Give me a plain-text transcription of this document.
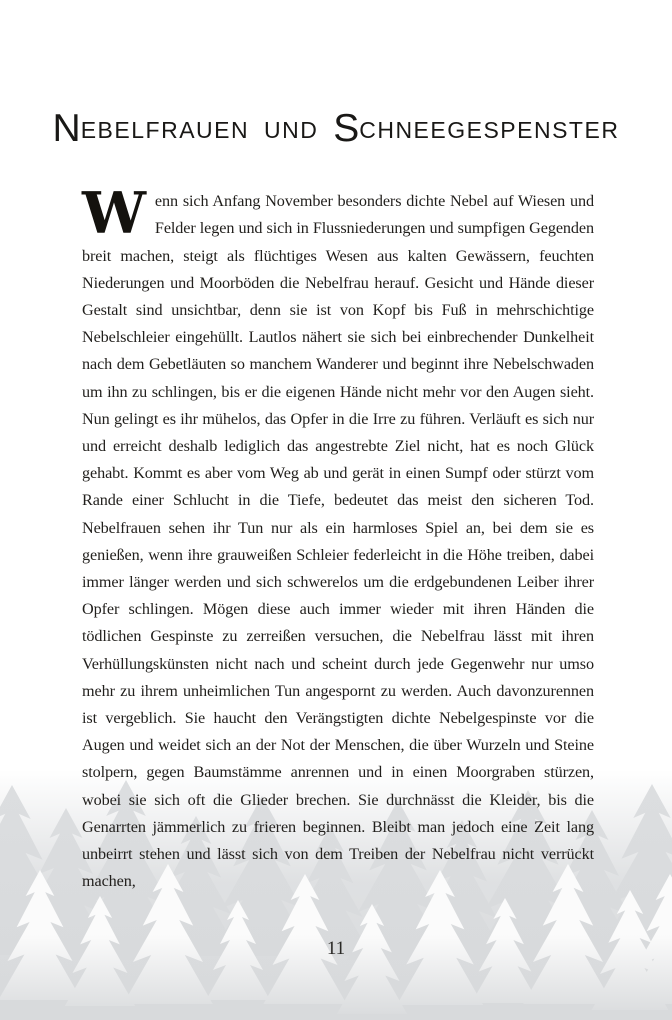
NEBELFRAUEN UND SCHNEEGESPENSTER

Wenn sich Anfang November besonders dichte Nebel auf Wiesen und Felder legen und sich in Flussniederungen und sumpfigen Gegenden breit machen, steigt als flüchtiges Wesen aus kalten Gewässern, feuchten Niederungen und Moorböden die Nebelfrau herauf. Gesicht und Hände dieser Gestalt sind unsichtbar, denn sie ist von Kopf bis Fuß in mehrschichtige Nebelschleier eingehüllt. Lautlos nähert sie sich bei einbrechender Dunkelheit nach dem Gebetläuten so manchem Wanderer und beginnt ihre Nebelschwaden um ihn zu schlingen, bis er die eigenen Hände nicht mehr vor den Augen sieht. Nun gelingt es ihr mühelos, das Opfer in die Irre zu führen. Verläuft es sich nur und erreicht deshalb lediglich das angestrebte Ziel nicht, hat es noch Glück gehabt. Kommt es aber vom Weg ab und gerät in einen Sumpf oder stürzt vom Rande einer Schlucht in die Tiefe, bedeutet das meist den sicheren Tod. Nebelfrauen sehen ihr Tun nur als ein harmloses Spiel an, bei dem sie es genießen, wenn ihre grauweißen Schleier federleicht in die Höhe treiben, dabei immer länger werden und sich schwerelos um die erdgebundenen Leiber ihrer Opfer schlingen. Mögen diese auch immer wieder mit ihren Händen die tödlichen Gespinste zu zerreißen versuchen, die Nebelfrau lässt mit ihren Verhüllungskünsten nicht nach und scheint durch jede Gegenwehr nur umso mehr zu ihrem unheimlichen Tun angespornt zu werden. Auch davonzurennen ist vergeblich. Sie haucht den Verängstigten dichte Nebelgespinste vor die Augen und weidet sich an der Not der Menschen, die über Wurzeln und Steine stolpern, gegen Baumstämme anrennen und in einen Moorgraben stürzen, wobei sie sich oft die Glieder brechen. Sie durchnässt die Kleider, bis die Genarrten jämmerlich zu frieren beginnen. Bleibt man jedoch eine Zeit lang unbeirrt stehen und lässt sich von dem Treiben der Nebelfrau nicht verrückt machen,

11
